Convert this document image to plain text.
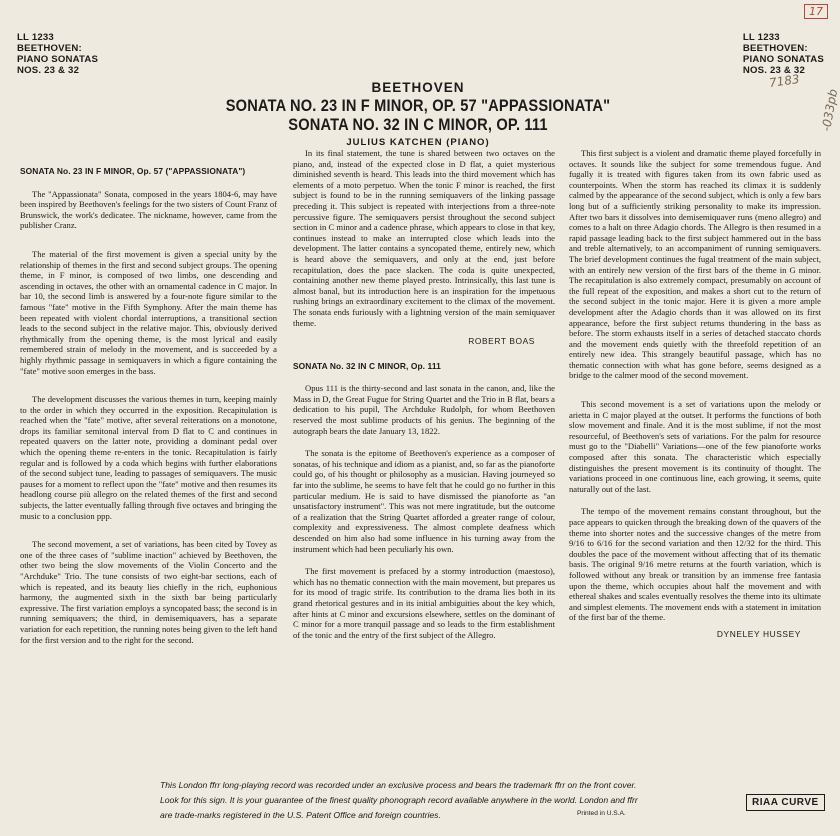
LL 1233
BEETHOVEN:
PIANO SONATAS
NOS. 23 & 32
LL 1233
BEETHOVEN:
PIANO SONATAS
NOS. 23 & 32
17
7183
-033pb
BEETHOVEN
SONATA NO. 23 IN F MINOR, OP. 57 "APPASSIONATA"
SONATA NO. 32 IN C MINOR, OP. 111
JULIUS KATCHEN (PIANO)
SONATA No. 23 IN F MINOR, Op. 57 ("APPASSIONATA")

The "Appassionata" Sonata, composed in the years 1804-6, may have been inspired by Beethoven's feelings for the two sisters of Count Franz of Brunswick, the work's dedicatee. The nickname, however, came from the publisher Cranz.

The material of the first movement is given a special unity by the relationship of themes in the first and second subject groups. The opening theme, in F minor, is composed of two limbs, one descending and ascending in octaves, the other with an ornamental cadence in C major. In bar 10, the second limb is answered by a four-note figure similar to the famous "fate" motive in the Fifth Symphony. After the main theme has been repeated with violent chordal interruptions, a transitional section leads to the second subject in the relative major. This, obviously derived rhythmically from the opening theme, is the most lyrical and easily remembered strain of melody in the movement, and is succeeded by a highly rhythmic passage in semiquavers in which a figure containing the "fate" motive soon emerges in the bass.

The development discusses the various themes in turn, keeping mainly to the order in which they occurred in the exposition. Recapitulation is reached when the "fate" motive, after several reiterations on a monotone, drops its familiar semitonal interval from D flat to C and continues in repeated quavers on the latter note, providing a dominant pedal over which the opening theme re-enters in the tonic. Recapitulation is fairly regular and is followed by a coda which begins with further elaborations of the second subject tune, leading to passages of semiquavers. The music pauses for a moment to reflect upon the "fate" motive and then resumes its headlong course più allegro on the related themes of the first and second subjects, the latter eventually falling through five octaves and bringing the music to a conclusion ppp.

The second movement, a set of variations, has been cited by Tovey as one of the three cases of "sublime inaction" achieved by Beethoven, the other two being the slow movements of the Violin Concerto and the "Archduke" Trio. The tune consists of two eight-bar sections, each of which is repeated, and its beauty lies chiefly in the rich, euphonious harmony, the augmented sixth in the sixth bar being particularly expressive. The first variation employs a syncopated bass; the second is in running semiquavers; the third, in demisemiquavers, has a separate variation for each repetition, the running notes being given to the left hand for the first version and to the right for the second.

In its final statement, the tune is shared between two octaves on the piano, and, instead of the expected close in D flat, a quiet mysterious diminished seventh is heard. This leads into the third movement which has elements of a moto perpetuo. When the tonic F minor is reached, the first subject is found to be in the running semiquavers of the linking passage preceding it. This subject is repeated with interjections from a three-note percussive figure. The semiquavers persist throughout the second subject section in C minor and a cadence phrase, which appears to close in that key, continues instead to make an interrupted close which leads into the development. The latter contains a syncopated theme, entirely new, which is heard above the semiquavers, and only at the end, just before recapitulation, does the pace slacken. The coda is quite unexpected, containing another new theme played presto. Intrinsically, this last tune is almost banal, but its introduction here is an inspiration for the impetuous rushing brings an extraordinary excitement to the climax of the movement. The sonata ends furiously with a lightning version of the main semiquaver theme.

ROBERT BOAS
SONATA No. 32 IN C MINOR, Op. 111

Opus 111 is the thirty-second and last sonata in the canon, and, like the Mass in D, the Great Fugue for String Quartet and the Trio in B flat, bears a dedication to his pupil, The Archduke Rudolph, for whom Beethoven reserved the most sublime products of his genius. The beginning of the autograph bears the date January 13, 1822.

The sonata is the epitome of Beethoven's experience as a composer of sonatas, of his technique and idiom as a pianist, and, so far as the pianoforte could go, of his thought or philosophy as a musician. Having journeyed so far into the sublime, he seems to have felt that he could go no further in this particular medium. He is said to have dismissed the pianoforte as "an unsatisfactory instrument". This was not mere ingratitude, but the outcome of a realization that the String Quartet afforded a greater range of colour, complexity and expressiveness. The almost complete deafness which descended on him also had some influence in his turning away from the instrument which had been peculiarly his own.

The first movement is prefaced by a stormy introduction (maestoso), which has no thematic connection with the main movement, but prepares us for its mood of tragic strife. Its contribution to the drama lies both in its grand rhetorical gestures and in its initial ambiguities about the key which, after hints at C minor and excursions elsewhere, settles on the dominant of C minor for a more tranquil passage and so leads to the firm establishment of the tonic and the entry of the first subject of the Allegro.

This first subject is a violent and dramatic theme played forcefully in octaves. It sounds like the subject for some tremendous fugue. And fugally it is treated with figures taken from its own fabric used as counterpoints. When the storm has reached its climax it is suddenly calmed by the appearance of the second subject, which is only a few bars long but of a sufficiently striking personality to make its impression. After two bars it dissolves into demisemiquaver runs (meno allegro) and comes to a halt on three Adagio chords. The Allegro is then resumed in a rapid passage leading back to the first subject hammered out in the bass and treble alternatively, to an accompaniment of running semiquavers. The brief development continues the fugal treatment of the main subject, with an entirely new version of the first bars of the theme in G minor. The recapitulation is also extremely compact, presumably on account of the full repeat of the exposition, and makes a short cut to the return of the second subject in the tonic major. Here it is given a more ample development after the Adagio chords than it was allowed on its first appearance, before the first subject returns thundering in the bass as before. The storm exhausts itself in a series of detached staccato chords and the movement ends quietly with the threefold repetition of an entirely new idea. This strangely beautiful passage, which has no thematic connection with what has gone before, seems designed as a bridge to the calmer mood of the second movement.

This second movement is a set of variations upon the melody or arietta in C major played at the outset. It performs the functions of both slow movement and finale. And it is the most sublime, if not the most resourceful, of Beethoven's sets of variations. For the palm for resource must go to the "Diabelli" Variations—one of the few pianoforte works composed after this sonata. The characteristic which especially distinguishes the present movement is its continuity of thought. The variations proceed in one continuous line, each growing, it seems, quite naturally out of the last.

The tempo of the movement remains constant throughout, but the pace appears to quicken through the breaking down of the quavers of the theme into shorter notes and the successive changes of the metre from 9/16 to 6/16 for the second variation and then 12/32 for the third. This doubles the pace of the movement without affecting that of its thematic basis. The original 9/16 metre returns at the fourth variation, which is followed without any break or transition by an immense free fantasia upon the theme, which occupies about half the movement and with ethereal shakes and scales eventually resolves the theme into its ultimate and simplest elements. The movement ends with a statement in imitation of the first bar of the theme.

DYNELEY HUSSEY
This London ffrr long-playing record was recorded under an exclusive process and bears the trademark ffrr on the front cover.
Look for this sign. It is your guarantee of the finest quality phonograph record available anywhere in the world. London and ffrr
are trade-marks registered in the U.S. Patent Office and foreign countries.	Printed in U.S.A.
RIAA CURVE
